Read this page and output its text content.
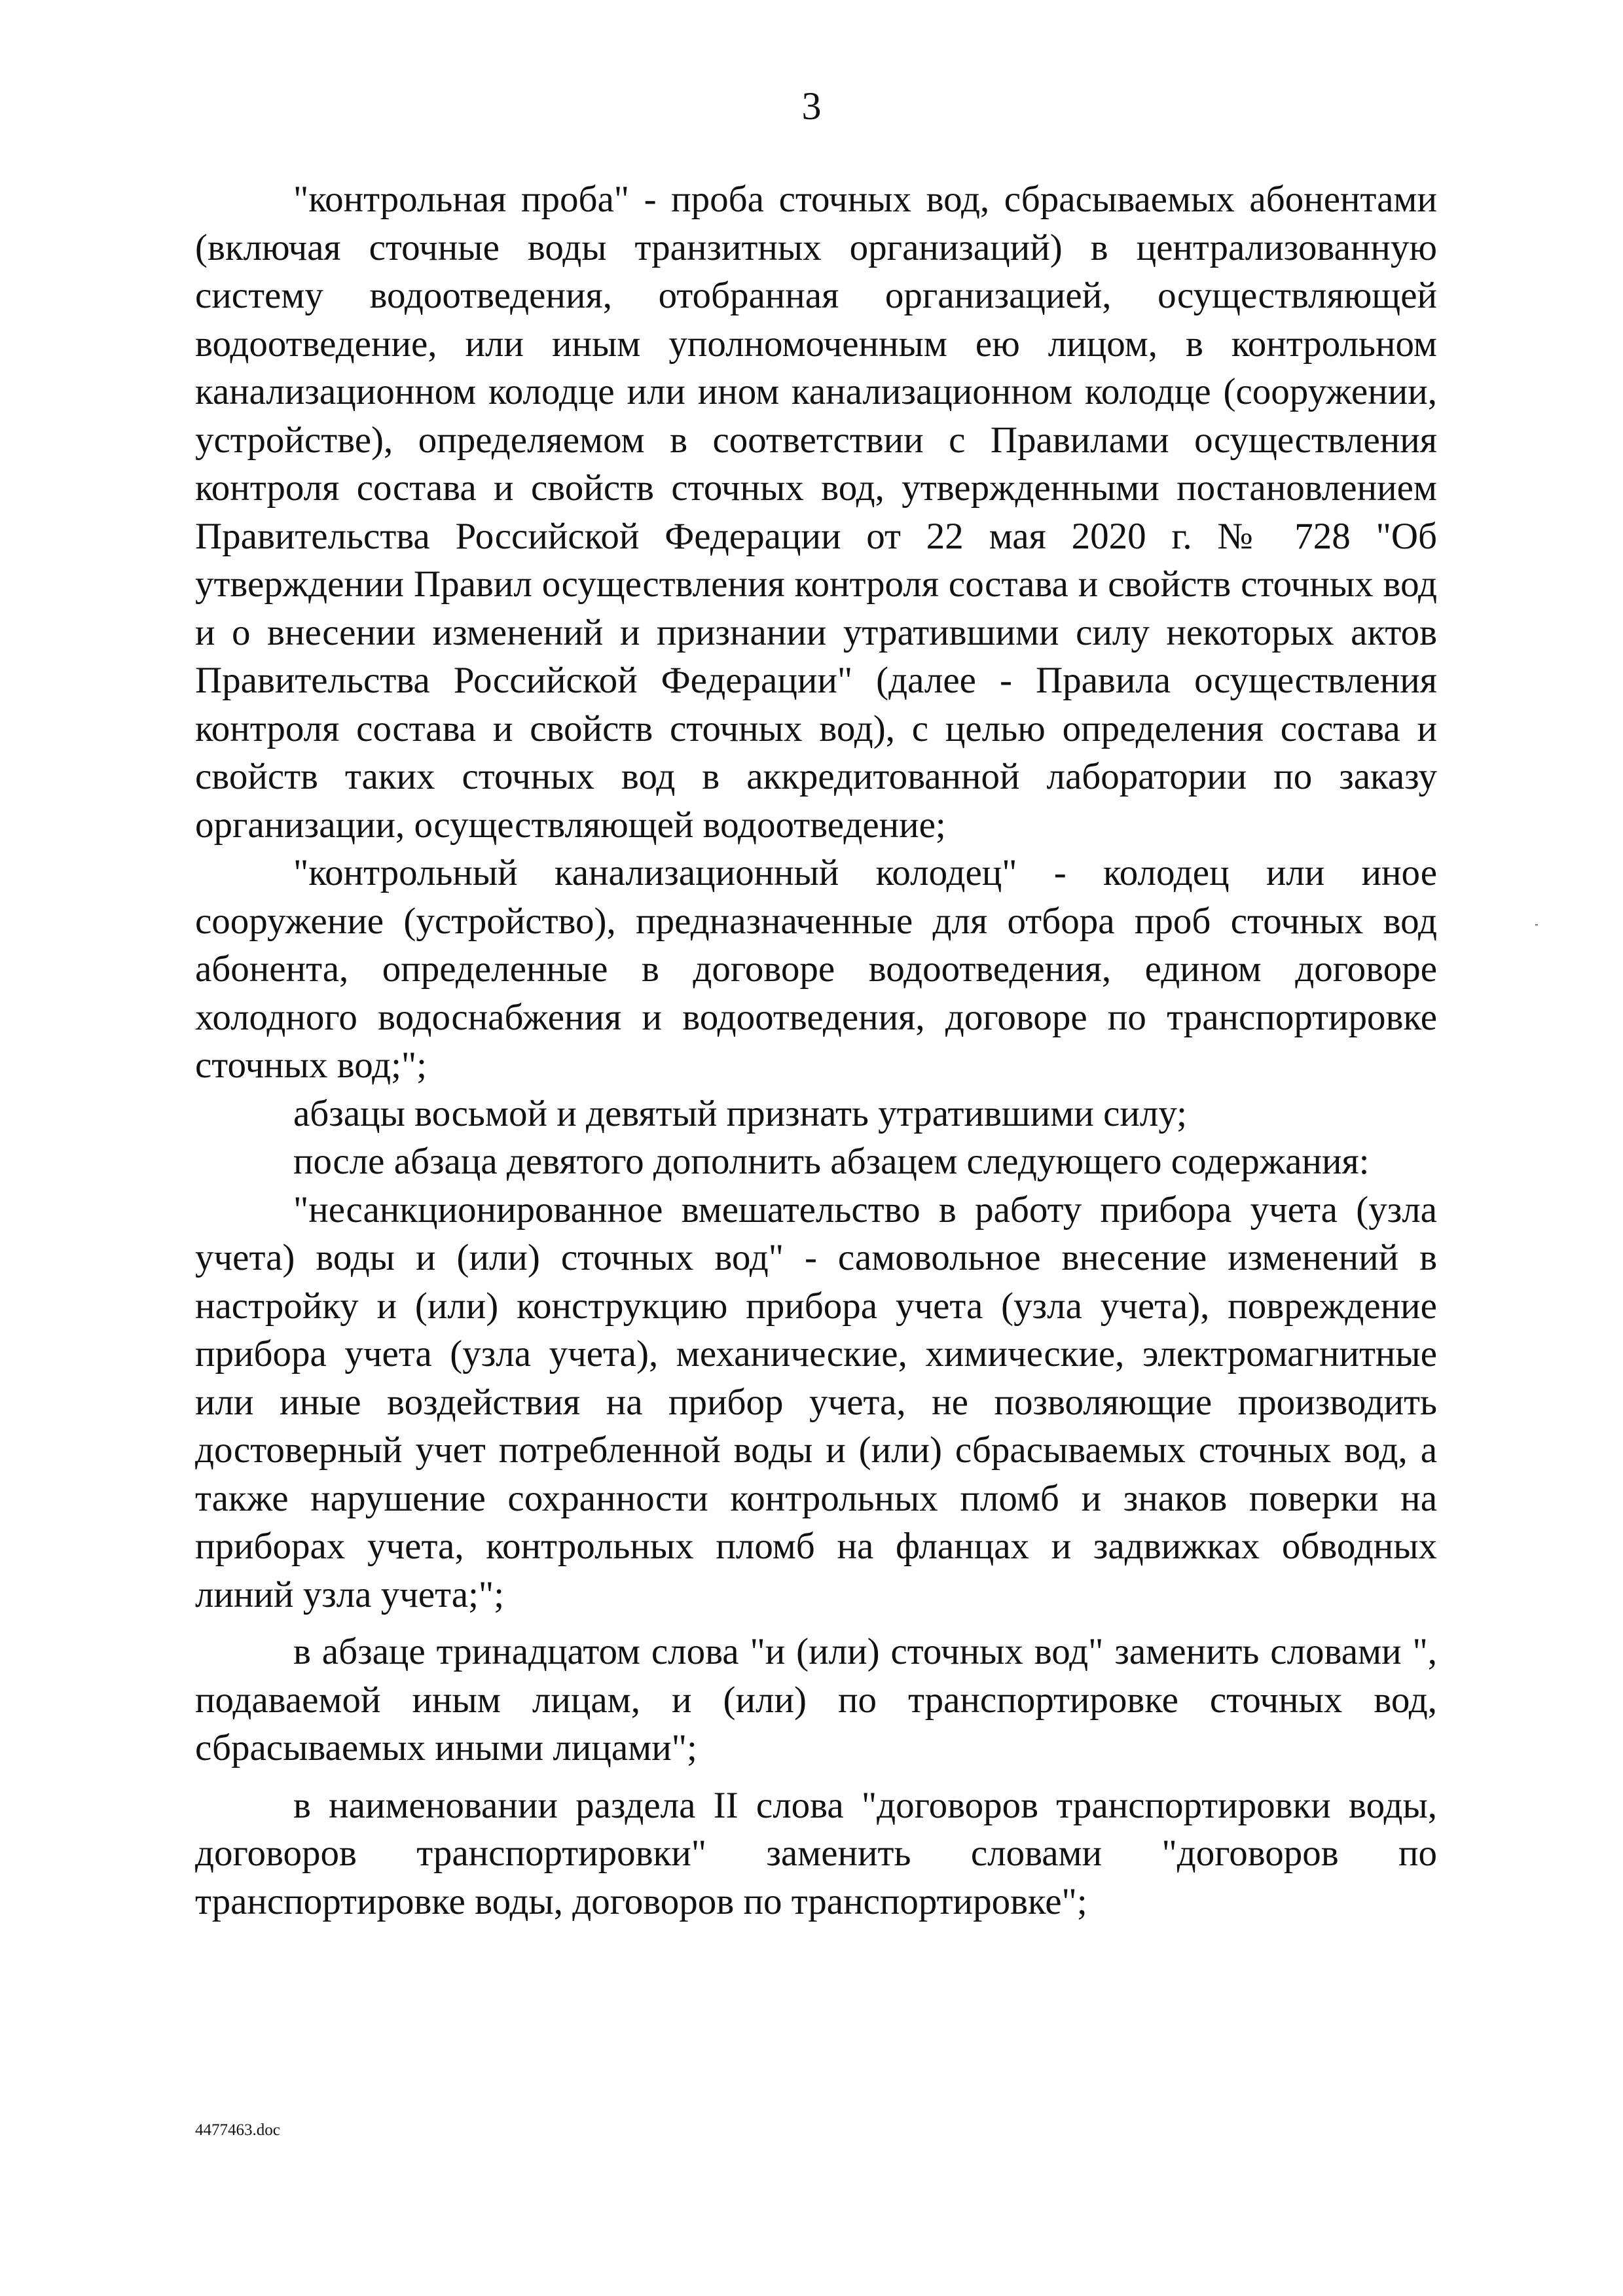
3

"контрольная проба" - проба сточных вод, сбрасываемых абонентами (включая сточные воды транзитных организаций) в централизованную систему водоотведения, отобранная организацией, осуществляющей водоотведение, или иным уполномоченным ею лицом, в контрольном канализационном колодце или ином канализационном колодце (сооружении, устройстве), определяемом в соответствии с Правилами осуществления контроля состава и свойств сточных вод, утвержденными постановлением Правительства Российской Федерации от 22 мая 2020 г. № 728 "Об утверждении Правил осуществления контроля состава и свойств сточных вод и о внесении изменений и признании утратившими силу некоторых актов Правительства Российской Федерации" (далее - Правила осуществления контроля состава и свойств сточных вод), с целью определения состава и свойств таких сточных вод в аккредитованной лаборатории по заказу организации, осуществляющей водоотведение;

"контрольный канализационный колодец" - колодец или иное сооружение (устройство), предназначенные для отбора проб сточных вод абонента, определенные в договоре водоотведения, едином договоре холодного водоснабжения и водоотведения, договоре по транспортировке сточных вод;";

абзацы восьмой и девятый признать утратившими силу;

после абзаца девятого дополнить абзацем следующего содержания:

"несанкционированное вмешательство в работу прибора учета (узла учета) воды и (или) сточных вод" - самовольное внесение изменений в настройку и (или) конструкцию прибора учета (узла учета), повреждение прибора учета (узла учета), механические, химические, электромагнитные или иные воздействия на прибор учета, не позволяющие производить достоверный учет потребленной воды и (или) сбрасываемых сточных вод, а также нарушение сохранности контрольных пломб и знаков поверки на приборах учета, контрольных пломб на фланцах и задвижках обводных линий узла учета;";

в абзаце тринадцатом слова "и (или) сточных вод" заменить словами ", подаваемой иным лицам, и (или) по транспортировке сточных вод, сбрасываемых иными лицами";

в наименовании раздела II слова "договоров транспортировки воды, договоров транспортировки" заменить словами "договоров по транспортировке воды, договоров по транспортировке";

4477463.doc
